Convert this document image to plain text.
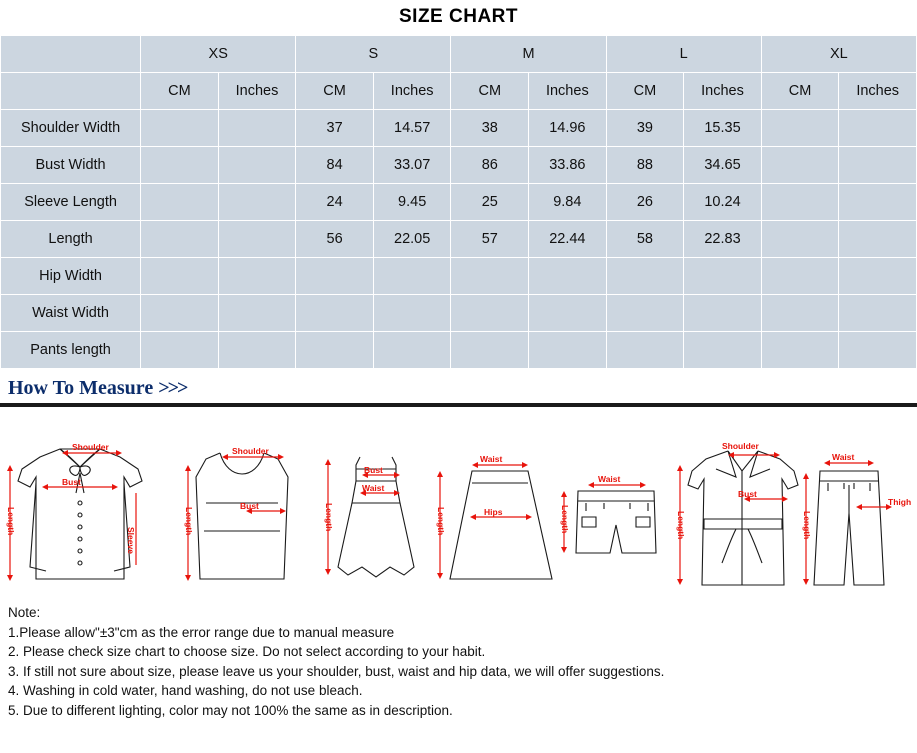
SIZE CHART
	XS		S		M		L		XL	
	CM	Inches	CM	Inches	CM	Inches	CM	Inches	CM	Inches
Shoulder Width			37	14.57	38	14.96	39	15.35		
Bust Width			84	33.07	86	33.86	88	34.65		
Sleeve Length			24	9.45	25	9.84	26	10.24		
Length			56	22.05	57	22.44	58	22.83		
Hip Width										
Waist Width										
Pants length										
How To Measure >>>
Shoulder
Bust
Sleeve
Length
Shoulder
Bust
Length
Bust
Waist
Length
Waist
Hips
Length
Waist
Length
Shoulder
Bust
Length
Waist
Thigh
Length
Note:
1.Please allow"±3"cm as the error range due to manual measure
2. Please check size chart to choose size. Do not select according to your habit.
3. If still not sure about size, please leave us your shoulder, bust, waist and hip data, we will offer suggestions.
4. Washing in cold water, hand washing, do not use bleach.
5. Due to different lighting, color may not 100% the same as in description.
